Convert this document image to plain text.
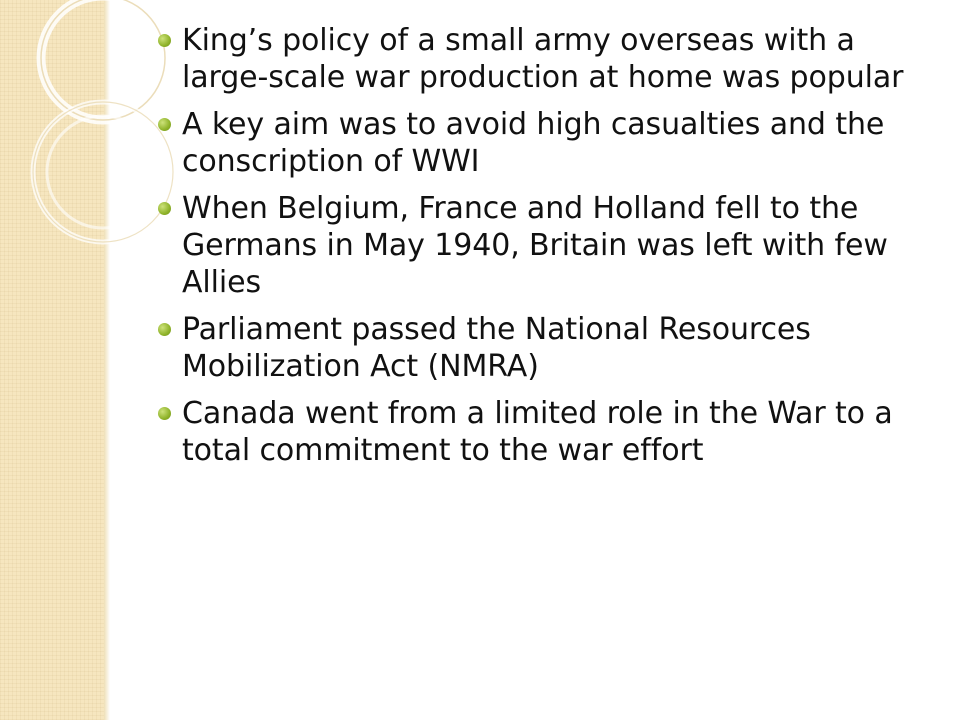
King’s policy of a small army overseas with a large-scale war production at home was popular
A key aim was to avoid high casualties and the conscription of WWI
When Belgium, France and Holland fell to the Germans in May 1940, Britain was left with few Allies
Parliament passed the National Resources Mobilization Act (NMRA)
Canada went from a limited role in the War to a total commitment to the war effort
